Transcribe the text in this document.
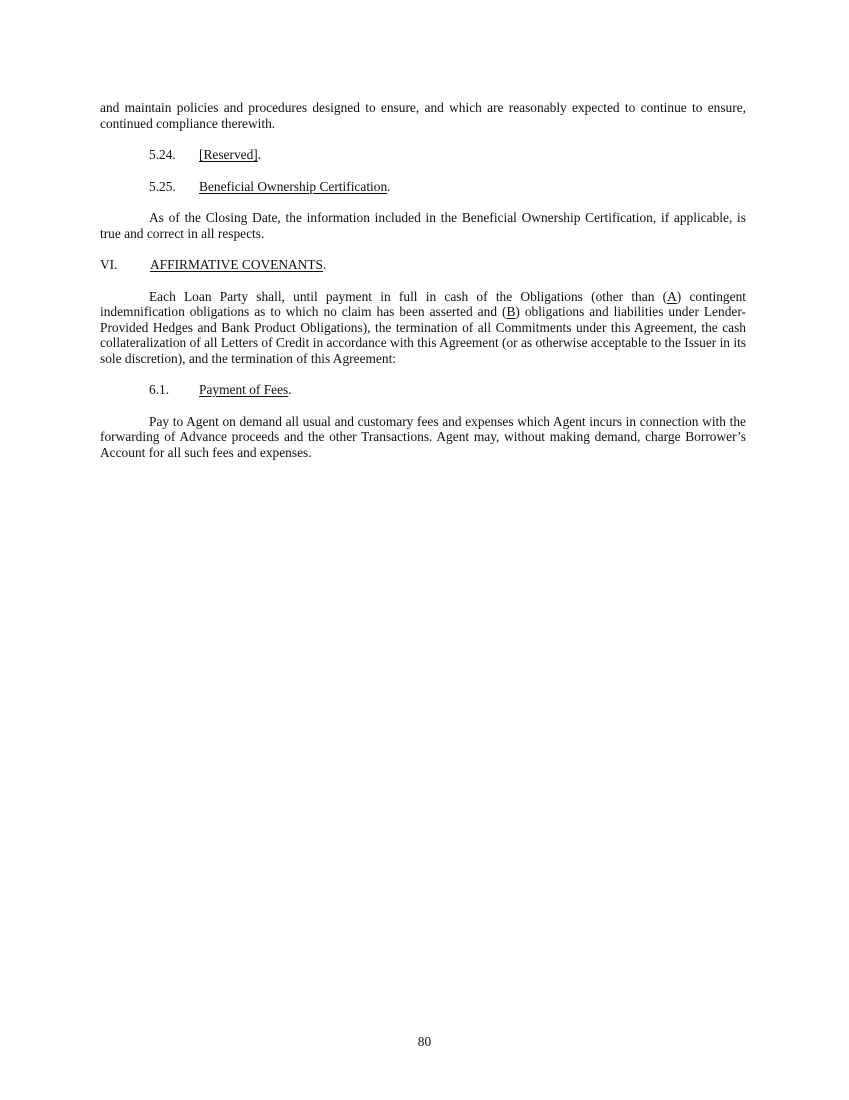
and maintain policies and procedures designed to ensure, and which are reasonably expected to continue to ensure, continued compliance therewith.

5.24. [Reserved].
5.25. Beneficial Ownership Certification.

As of the Closing Date, the information included in the Beneficial Ownership Certification, if applicable, is true and correct in all respects.

VI. AFFIRMATIVE COVENANTS.

Each Loan Party shall, until payment in full in cash of the Obligations (other than (A) contingent indemnification obligations as to which no claim has been asserted and (B) obligations and liabilities under Lender-Provided Hedges and Bank Product Obligations), the termination of all Commitments under this Agreement, the cash collateralization of all Letters of Credit in accordance with this Agreement (or as otherwise acceptable to the Issuer in its sole discretion), and the termination of this Agreement:

6.1. Payment of Fees.

Pay to Agent on demand all usual and customary fees and expenses which Agent incurs in connection with the forwarding of Advance proceeds and the other Transactions. Agent may, without making demand, charge Borrower’s Account for all such fees and expenses.

80
